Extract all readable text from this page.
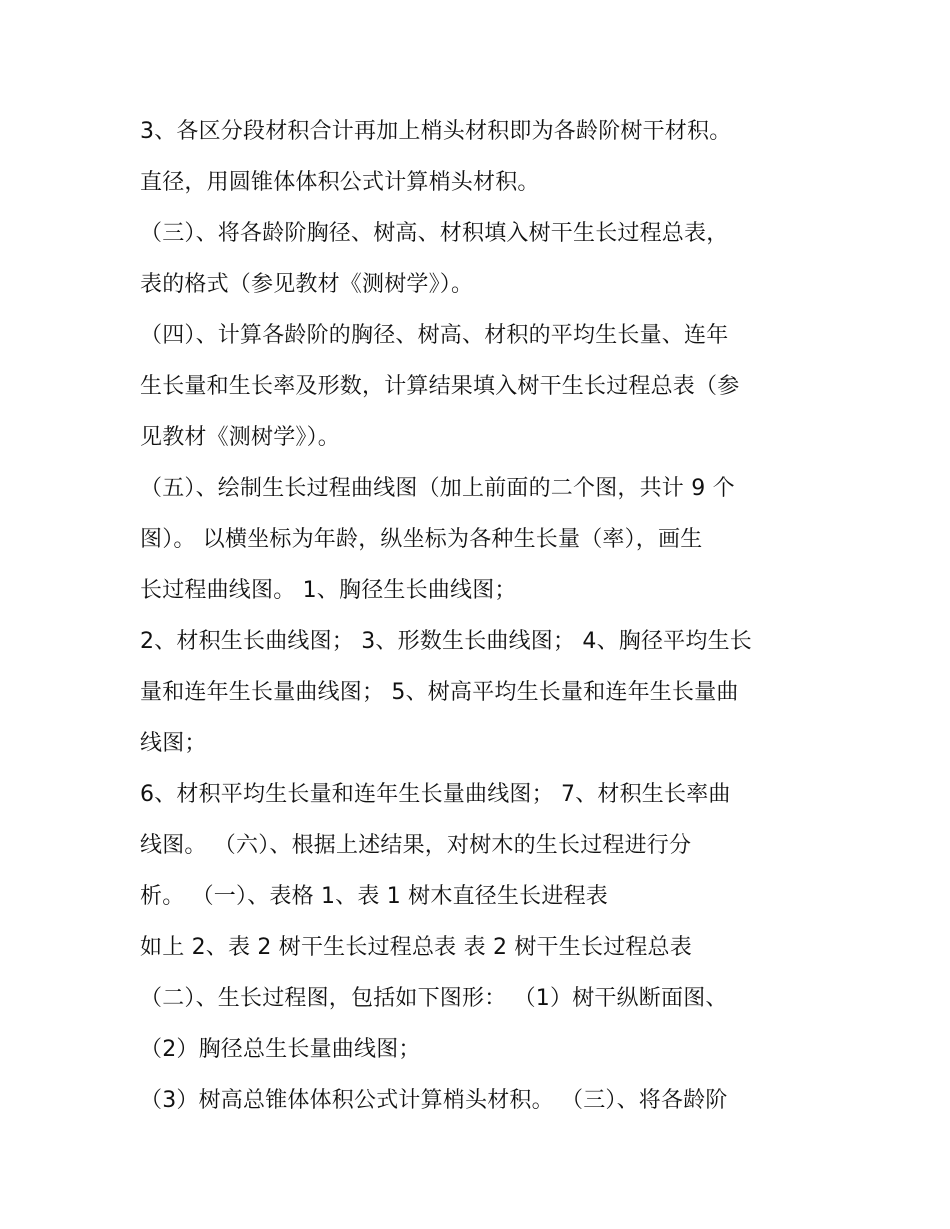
3、各区分段材积合计再加上梢头材积即为各龄阶树干材积。
直径，用圆锥体体积公式计算梢头材积。
（三）、将各龄阶胸径、树高、材积填入树干生长过程总表，
表的格式（参见教材《测树学》）。
（四）、计算各龄阶的胸径、树高、材积的平均生长量、连年
生长量和生长率及形数，计算结果填入树干生长过程总表（参
见教材《测树学》）。
（五）、绘制生长过程曲线图（加上前面的二个图，共计 9 个
图）。 以横坐标为年龄，纵坐标为各种生长量（率），画生
长过程曲线图。 1、胸径生长曲线图；
2、材积生长曲线图； 3、形数生长曲线图； 4、胸径平均生长
量和连年生长量曲线图； 5、树高平均生长量和连年生长量曲
线图；
6、材积平均生长量和连年生长量曲线图； 7、材积生长率曲
线图。 （六）、根据上述结果，对树木的生长过程进行分
析。 （一）、表格 1、表 1 树木直径生长进程表
如上 2、表 2 树干生长过程总表 表 2 树干生长过程总表
（二）、生长过程图，包括如下图形： （1）树干纵断面图、
（2）胸径总生长量曲线图；
（3）树高总锥体体积公式计算梢头材积。 （三）、将各龄阶
